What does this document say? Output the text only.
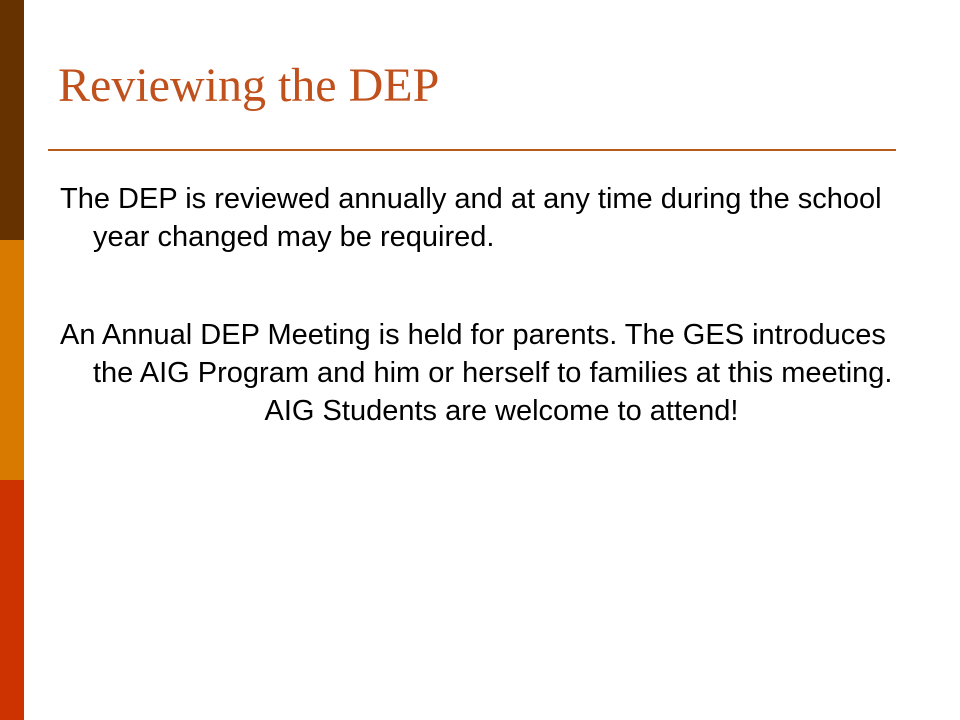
Reviewing the DEP

The DEP is reviewed annually and at any time during the school year changed may be required.

An Annual DEP Meeting is held for parents. The GES introduces the AIG Program and him or herself to families at this meeting.

AIG Students are welcome to attend!
